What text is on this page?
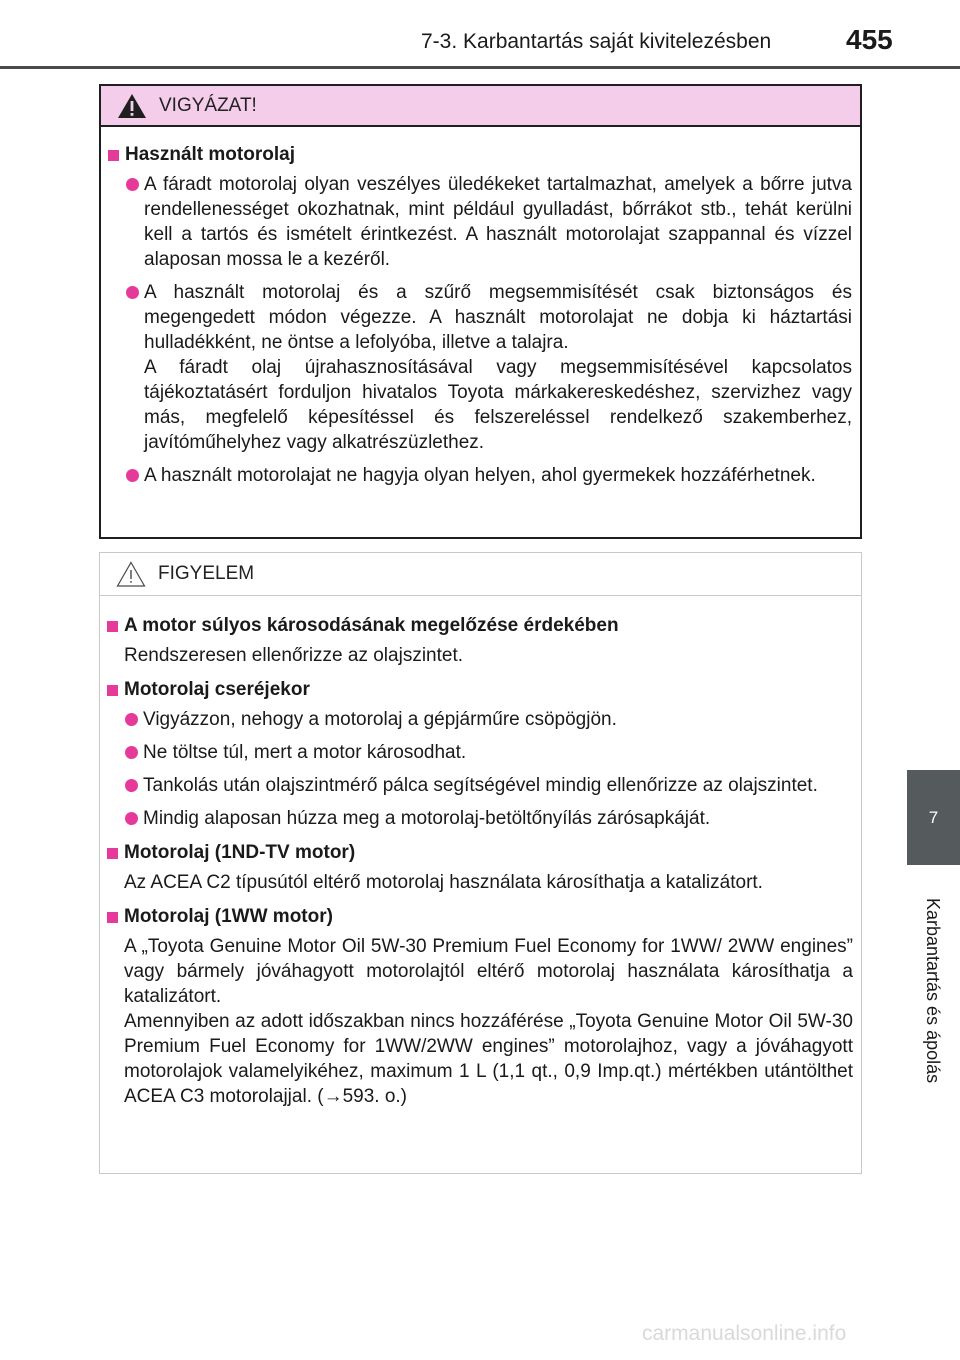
7-3. Karbantartás saját kivitelezésben	455
7
Karbantartás és ápolás
VIGYÁZAT!
Használt motorolaj
A fáradt motorolaj olyan veszélyes üledékeket tartalmazhat, amelyek a bőrre jutva rendellenességet okozhatnak, mint például gyulladást, bőrrákot stb., tehát kerülni kell a tartós és ismételt érintkezést. A használt motorolajat szappannal és vízzel alaposan mossa le a kezéről.
A használt motorolaj és a szűrő megsemmisítését csak biztonságos és megengedett módon végezze. A használt motorolajat ne dobja ki háztartási hulladékként, ne öntse a lefolyóba, illetve a talajra.
A fáradt olaj újrahasznosításával vagy megsemmisítésével kapcsolatos tájékoztatásért forduljon hivatalos Toyota márkakereskedéshez, szervizhez vagy más, megfelelő képesítéssel és felszereléssel rendelkező szakemberhez, javítóműhelyhez vagy alkatrészüzlethez.
A használt motorolajat ne hagyja olyan helyen, ahol gyermekek hozzáférhetnek.
FIGYELEM
A motor súlyos károsodásának megelőzése érdekében
Rendszeresen ellenőrizze az olajszintet.
Motorolaj cseréjekor
Vigyázzon, nehogy a motorolaj a gépjárműre csöpögjön.
Ne töltse túl, mert a motor károsodhat.
Tankolás után olajszintmérő pálca segítségével mindig ellenőrizze az olajszintet.
Mindig alaposan húzza meg a motorolaj-betöltőnyílás zárósapkáját.
Motorolaj (1ND-TV motor)
Az ACEA C2 típusútól eltérő motorolaj használata károsíthatja a katalizátort.
Motorolaj (1WW motor)
A „Toyota Genuine Motor Oil 5W-30 Premium Fuel Economy for 1WW/ 2WW engines” vagy bármely jóváhagyott motorolajtól eltérő motorolaj használata károsíthatja a katalizátort.
Amennyiben az adott időszakban nincs hozzáférése „Toyota Genuine Motor Oil 5W-30 Premium Fuel Economy for 1WW/2WW engines” motorolajhoz, vagy a jóváhagyott motorolajok valamelyikéhez, maximum 1 L (1,1 qt., 0,9 Imp.qt.) mértékben utántölthet ACEA C3 motorolajjal. (→593. o.)
carmanualsonline.info
